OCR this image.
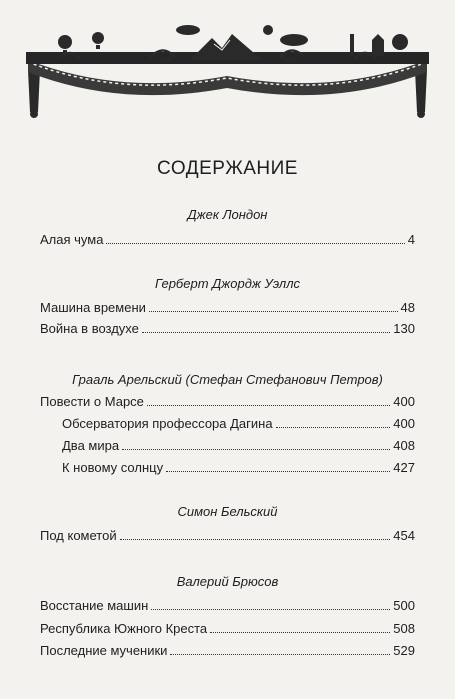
СОДЕРЖАНИЕ
Джек Лондон
Алая чума	4
Герберт Джордж Уэллс
Машина времени	48
Война в воздухе	130
Грааль Арельский (Стефан Стефанович Петров)
Повести о Марсе	400
Обсерватория профессора Дагина	400
Два мира	408
К новому солнцу	427
Симон Бельский
Под кометой	454
Валерий Брюсов
Восстание машин	500
Республика Южного Креста	508
Последние мученики	529
